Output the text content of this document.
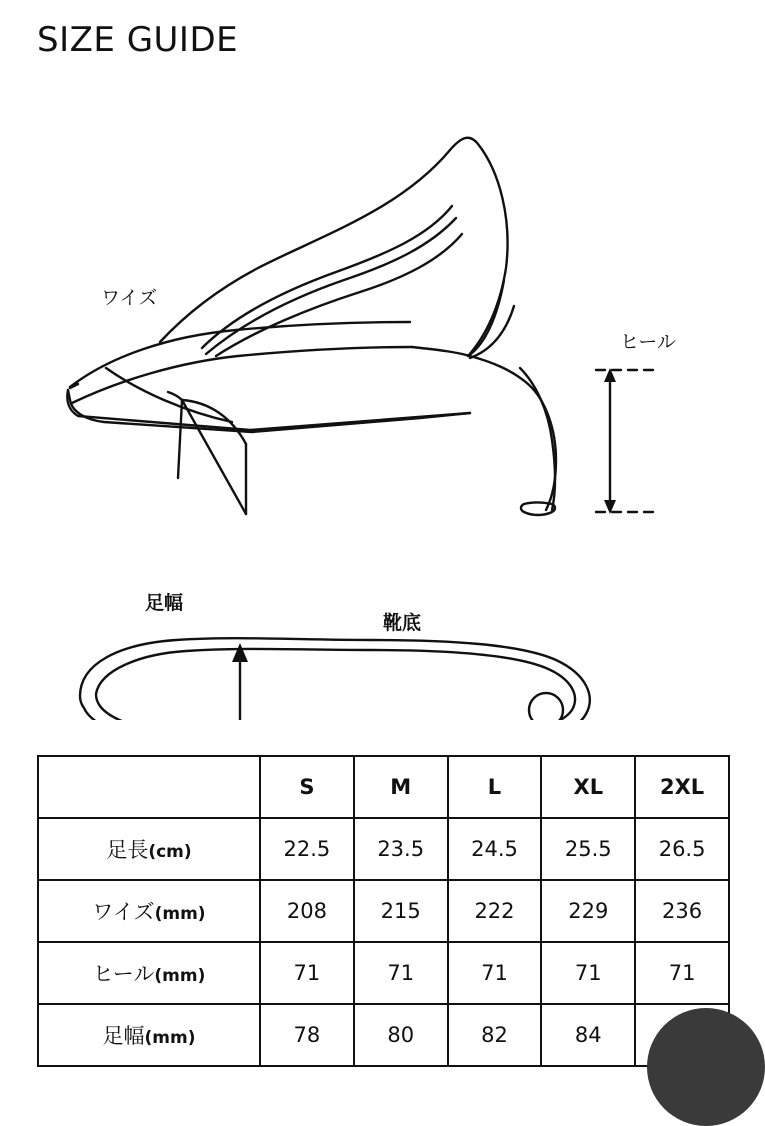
SIZE GUIDE
ワイズ
ヒール
足幅
靴底
	S	M	L	XL	2XL
足長(cm)	22.5	23.5	24.5	25.5	26.5
ワイズ(mm)	208	215	222	229	236
ヒール(mm)	71	71	71	71	71
足幅(mm)	78	80	82	84	
